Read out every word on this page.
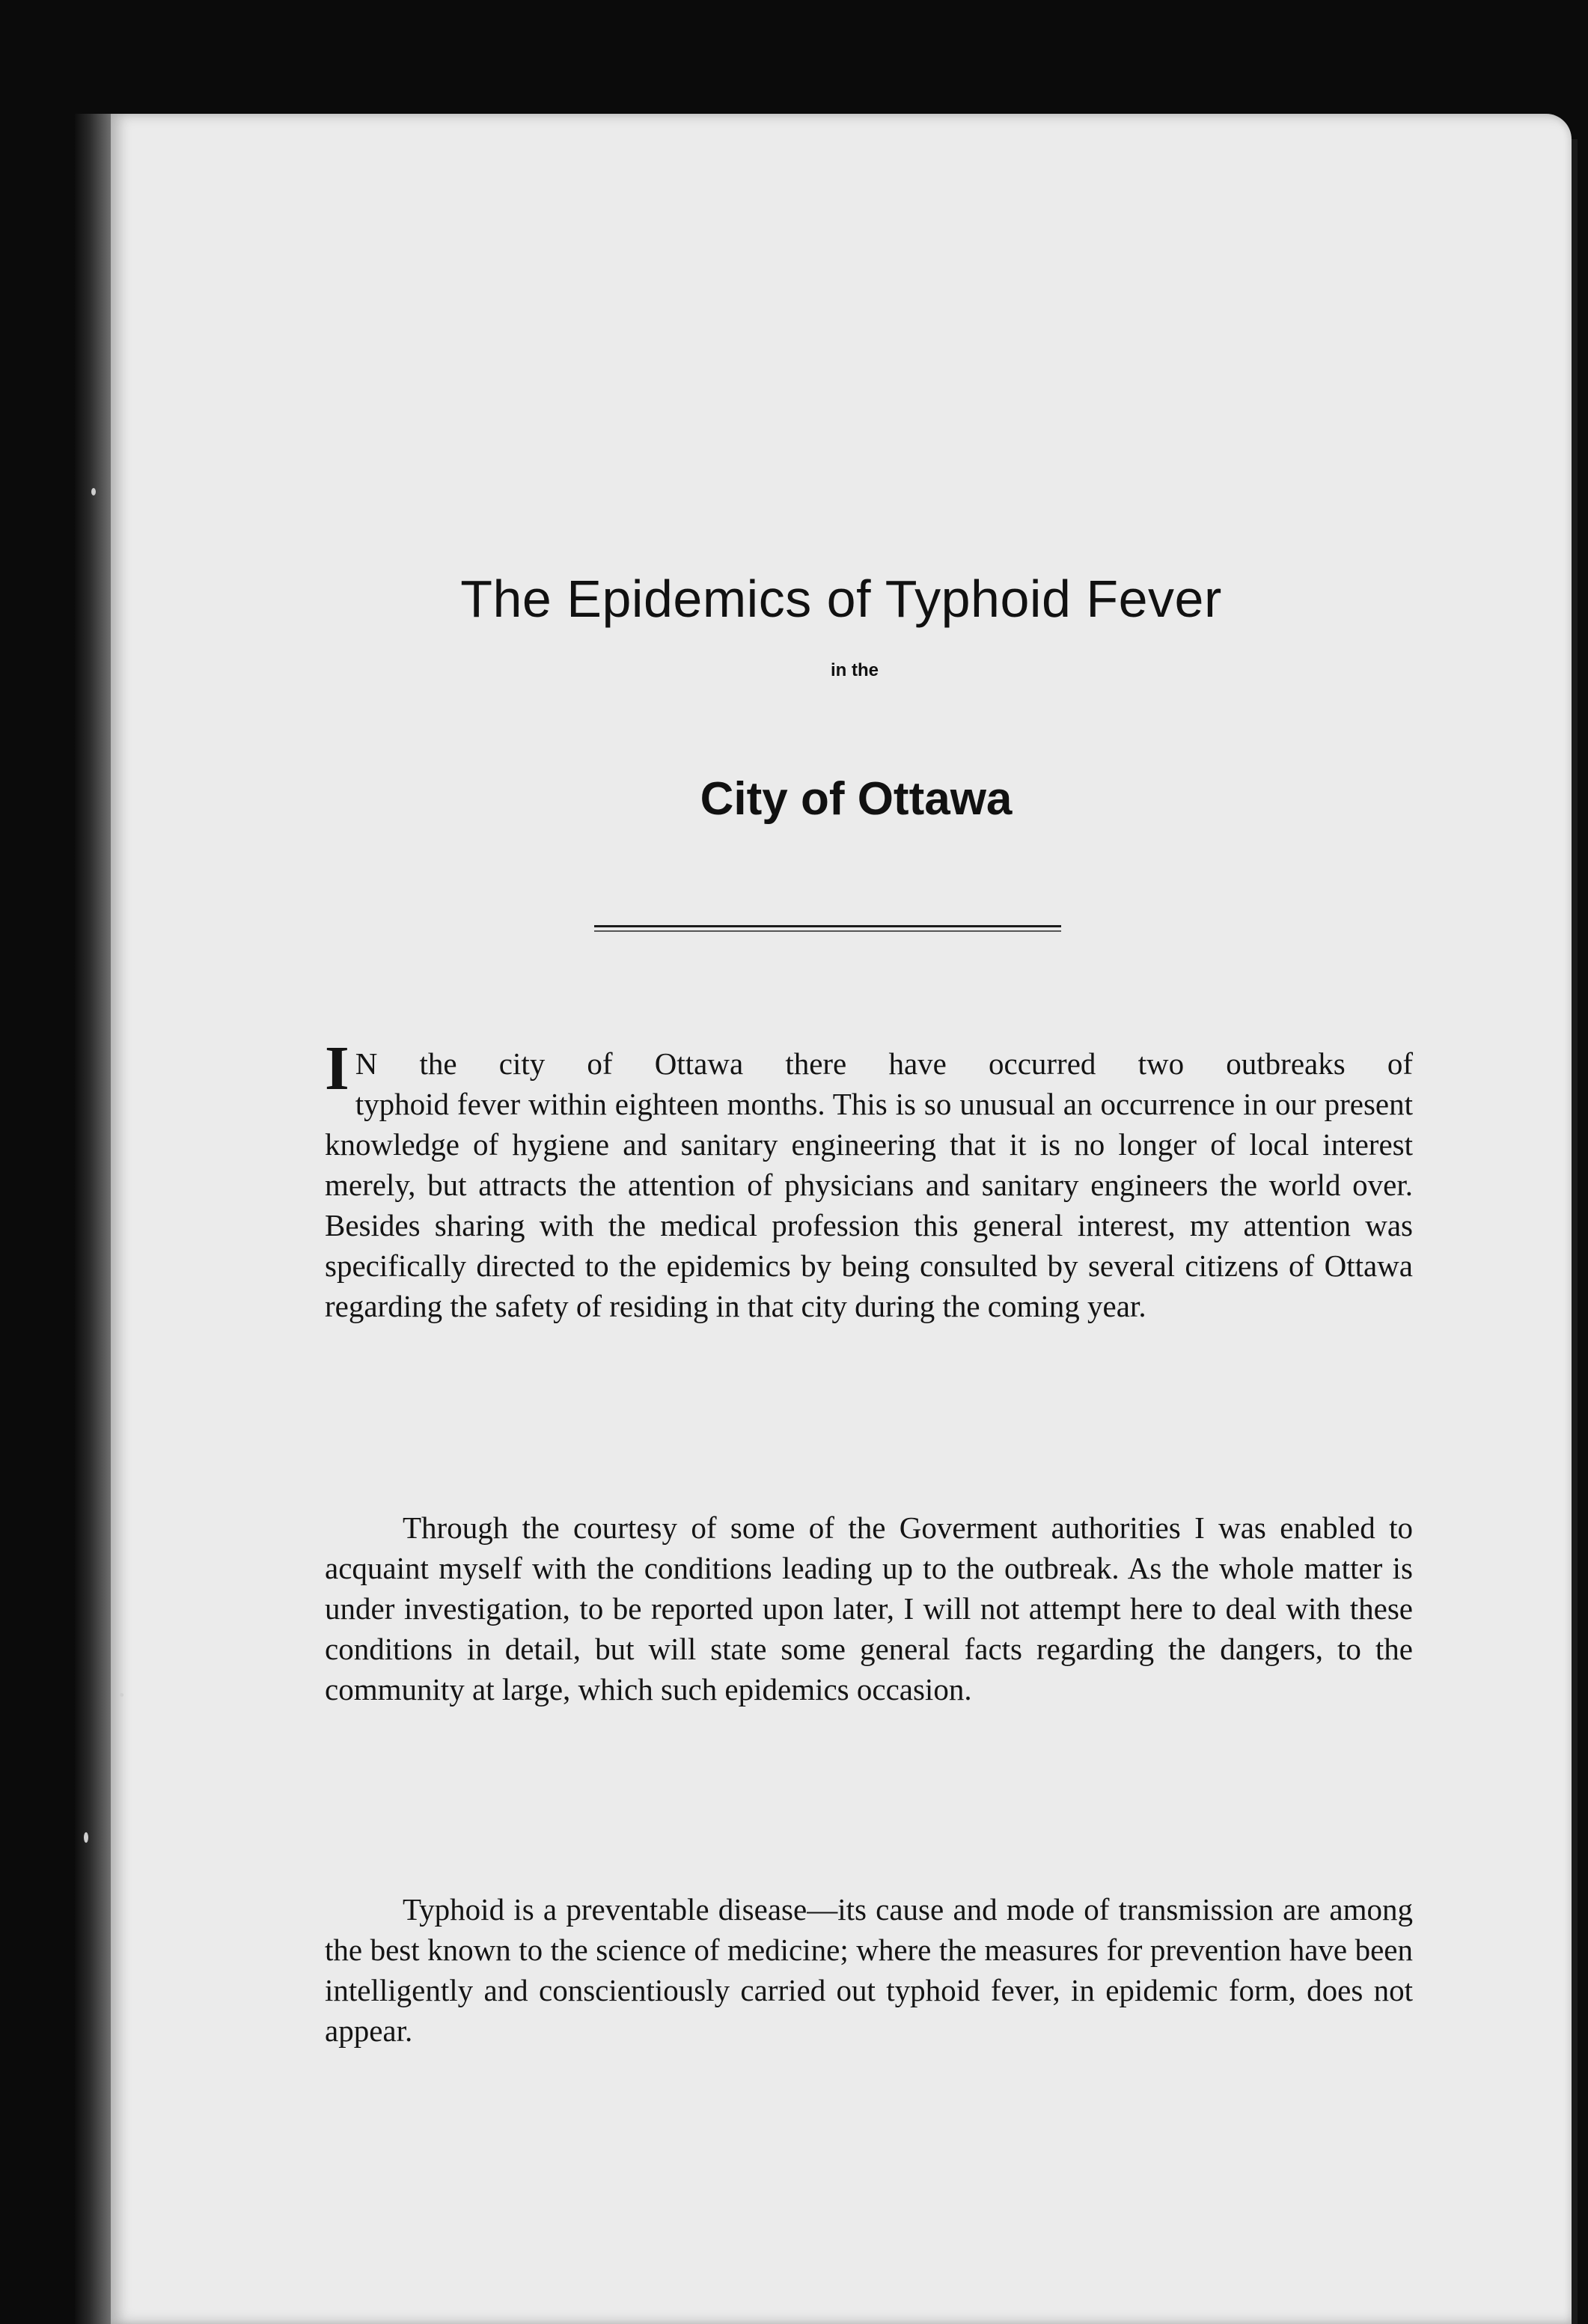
The Epidemics of Typhoid Fever
in the
City of Ottawa

I N the city of Ottawa there have occurred two outbreaks of
typhoid fever within eighteen months. This is so unusual an occurrence in our present knowledge of hygiene and sanitary engineering that it is no longer of local interest merely, but attracts the attention of physicians and sanitary engineers the world over. Besides sharing with the medical profession this general interest, my attention was specifically directed to the epidemics by being consulted by several citizens of Ottawa regarding the safety of residing in that city during the coming year.

Through the courtesy of some of the Goverment authorities I was enabled to acquaint myself with the conditions leading up to the outbreak. As the whole matter is under investigation, to be reported upon later, I will not attempt here to deal with these conditions in detail, but will state some general facts regarding the dangers, to the community at large, which such epidemics occasion.

Typhoid is a preventable disease—its cause and mode of transmission are among the best known to the science of medicine; where the measures for prevention have been intelligently and conscientiously carried out typhoid fever, in epidemic form, does not appear.
